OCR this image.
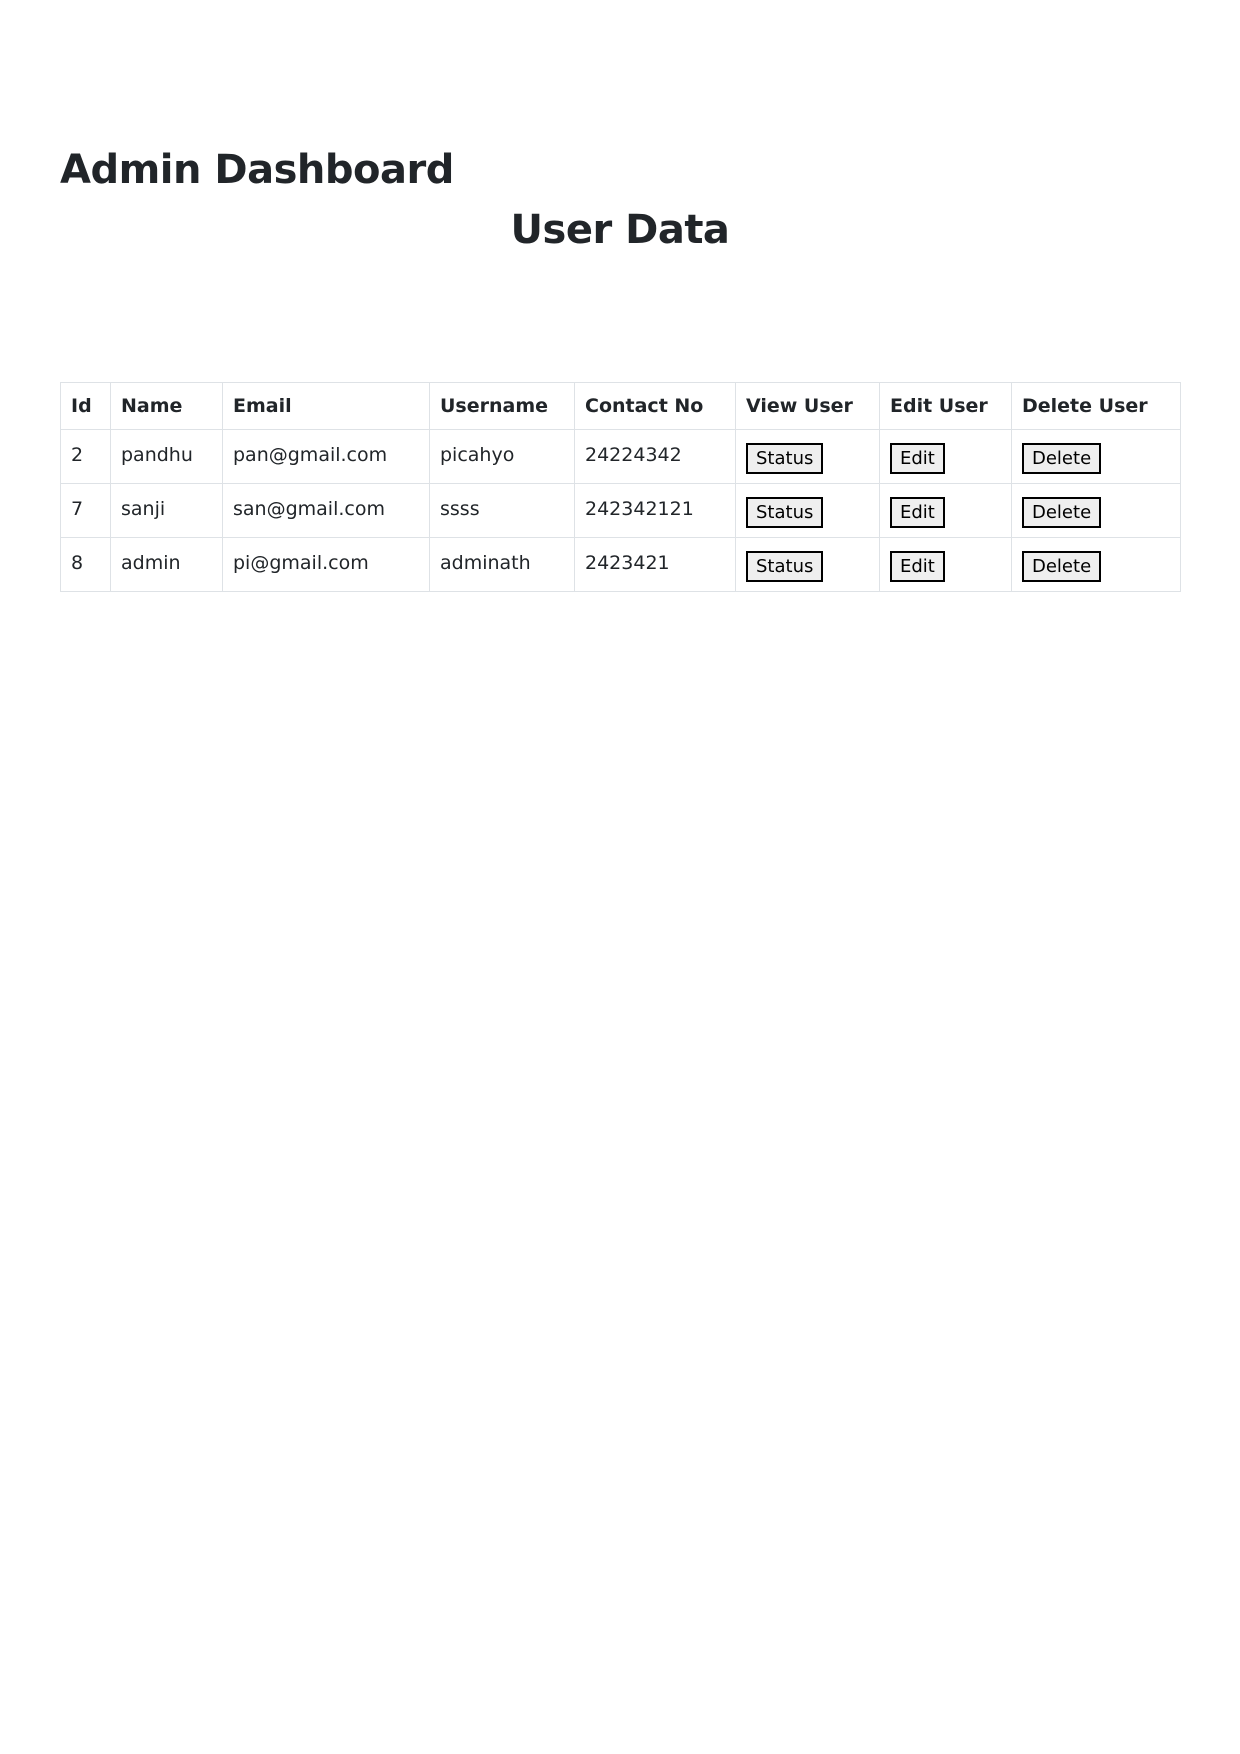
Admin Dashboard
User Data
Id	Name	Email	Username	Contact No	View User	Edit User	Delete User
2	pandhu	pan@gmail.com	picahyo	24224342	Status	Edit	Delete
7	sanji	san@gmail.com	ssss	242342121	Status	Edit	Delete
8	admin	pi@gmail.com	adminath	2423421	Status	Edit	Delete
